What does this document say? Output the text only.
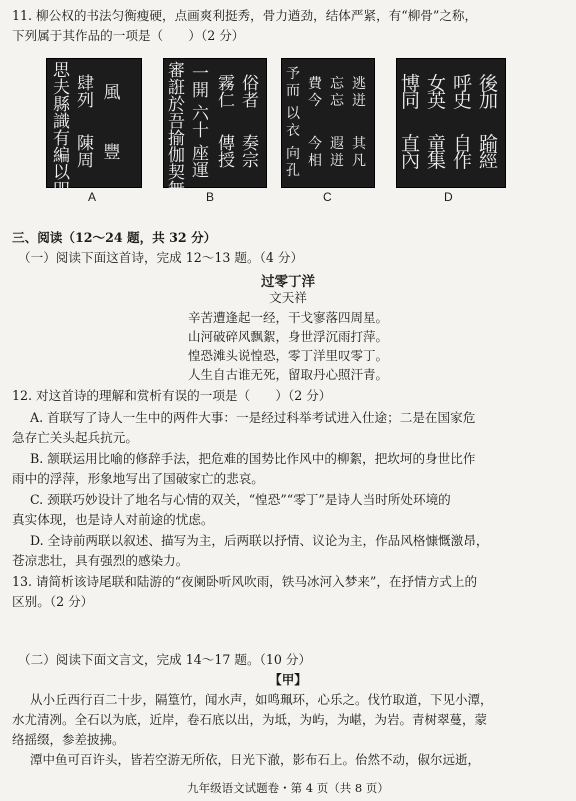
11. 柳公权的书法匀衡瘦硬，点画爽利挺秀，骨力遒劲，结体严紧，有“柳骨”之称，
下列属于其作品的一项是（　　）（2 分）
思夫
縣識
有編
以吅
肆列
陳周
風
豐
A
審誑
於吾
揄伽
契無
一開
六十
座運
霧仁
傳授
俗者
奏宗
B
予而
以衣
向孔
費今
今相
忘忘
遐迸
逃迸
其凡
C
博同
直內
女英
童集
呼史
自作
後加
踰經
D
三、阅读（12～24 题，共 32 分）
（一）阅读下面这首诗，完成 12～13 题。（4 分）
过零丁洋
文天祥
辛苦遭逢起一经，干戈寥落四周星。
山河破碎风飘絮，身世浮沉雨打萍。
惶恐滩头说惶恐，零丁洋里叹零丁。
人生自古谁无死，留取丹心照汗青。
12. 对这首诗的理解和赏析有误的一项是（　　）（2 分）
A. 首联写了诗人一生中的两件大事：一是经过科举考试进入仕途；二是在国家危
急存亡关头起兵抗元。
B. 颔联运用比喻的修辞手法，把危难的国势比作风中的柳絮，把坎坷的身世比作
雨中的浮萍，形象地写出了国破家亡的悲哀。
C. 颈联巧妙设计了地名与心情的双关，“惶恐”“零丁”是诗人当时所处环境的
真实体现，也是诗人对前途的忧虑。
D. 全诗前两联以叙述、描写为主，后两联以抒情、议论为主，作品风格慷慨激昂，
苍凉悲壮，具有强烈的感染力。
13. 请简析该诗尾联和陆游的“夜阑卧听风吹雨，铁马冰河入梦来”，在抒情方式上的
区别。（2 分）
（二）阅读下面文言文，完成 14～17 题。（10 分）
【甲】
从小丘西行百二十步，隔篁竹，闻水声，如鸣珮环，心乐之。伐竹取道，下见小潭，
水尤清冽。全石以为底，近岸，卷石底以出，为坻，为屿，为嵁，为岩。青树翠蔓，蒙
络摇缀，参差披拂。
潭中鱼可百许头，皆若空游无所依，日光下澈，影布石上。佁然不动，俶尔远逝，
九年级语文试题卷・第 4 页（共 8 页）
